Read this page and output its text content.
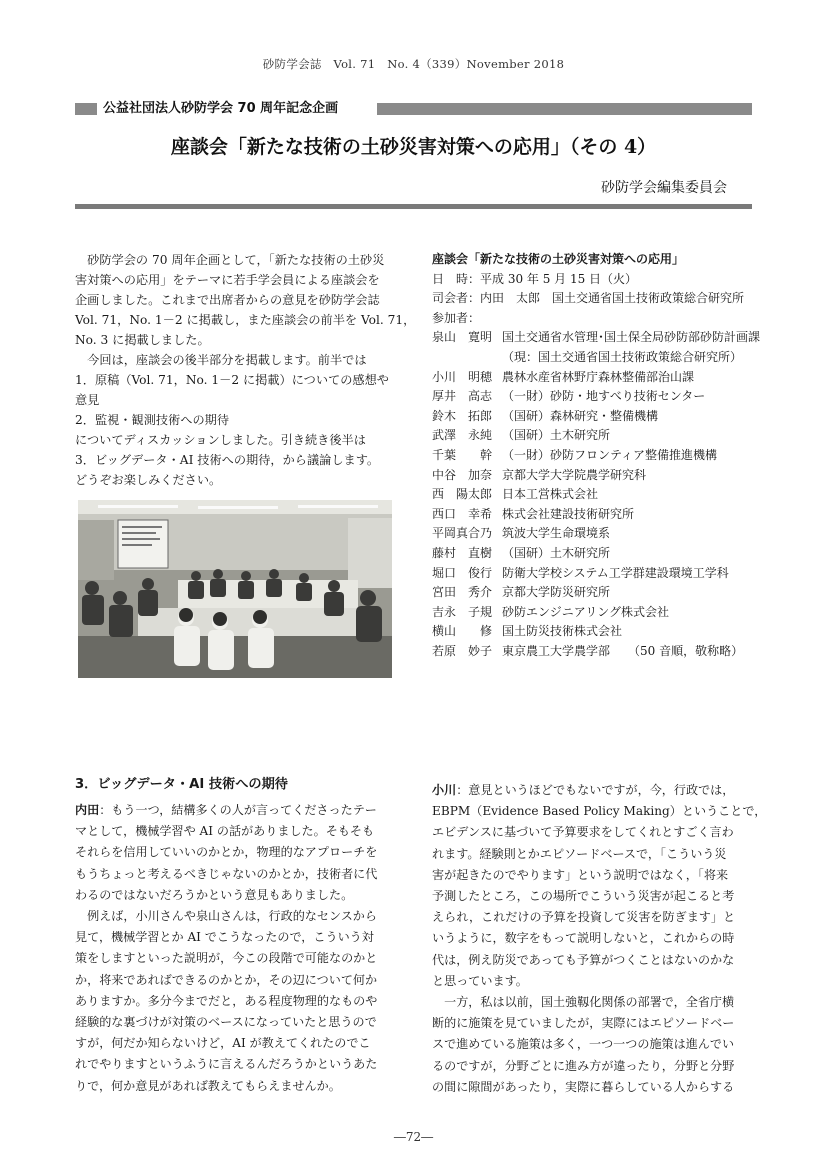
砂防学会誌　Vol. 71　No. 4（339）November 2018
公益社団法人砂防学会 70 周年記念企画
座談会「新たな技術の土砂災害対策への応用」（その 4）
砂防学会編集委員会

　砂防学会の 70 周年企画として，「新たな技術の土砂災

害対策への応用」をテーマに若手学会員による座談会を

企画しました。これまで出席者からの意見を砂防学会誌

Vol. 71，No. 1－2 に掲載し，また座談会の前半を Vol. 71，

No. 3 に掲載しました。

　今回は，座談会の後半部分を掲載します。前半では

1．原稿（Vol. 71，No. 1－2 に掲載）についての感想や

意見

2．監視・観測技術への期待

についてディスカッションしました。引き続き後半は

3．ビッグデータ・AI 技術への期待，から議論します。

どうぞお楽しみください。

座談会「新たな技術の土砂災害対策への応用」
日　時：平成 30 年 5 月 15 日（火）
司会者：内田　太郎　国土交通省国土技術政策総合研究所
参加者：
泉山　寛明 国土交通省水管理･国土保全局砂防部砂防計画課
（現：国土交通省国土技術政策総合研究所）
小川　明穂 農林水産省林野庁森林整備部治山課
厚井　高志 （一財）砂防・地すべり技術センター
鈴木　拓郎 （国研）森林研究・整備機構
武澤　永純 （国研）土木研究所
千葉　　幹 （一財）砂防フロンティア整備推進機構
中谷　加奈 京都大学大学院農学研究科
西　陽太郎 日本工営株式会社
西口　幸希 株式会社建設技術研究所
平岡真合乃 筑波大学生命環境系
藤村　直樹 （国研）土木研究所
堀口　俊行 防衛大学校システム工学群建設環境工学科
宮田　秀介 京都大学防災研究所
吉永　子規 砂防エンジニアリング株式会社
横山　　修 国土防災技術株式会社
若原　妙子 東京農工大学農学部　　（50 音順，敬称略）
3．ビッグデータ・AI 技術への期待

内田：もう一つ，結構多くの人が言ってくださったテー

マとして，機械学習や AI の話がありました。そもそも

それらを信用していいのかとか，物理的なアプローチを

もうちょっと考えるべきじゃないのかとか，技術者に代

わるのではないだろうかという意見もありました。

　例えば，小川さんや泉山さんは，行政的なセンスから

見て，機械学習とか AI でこうなったので，こういう対

策をしますといった説明が，今この段階で可能なのかと

か，将来であればできるのかとか，その辺について何か

ありますか。多分今までだと，ある程度物理的なものや

経験的な裏づけが対策のベースになっていたと思うので

すが，何だか知らないけど，AI が教えてくれたのでこ

れでやりますというふうに言えるんだろうかというあた

りで，何か意見があれば教えてもらえませんか。

小川：意見というほどでもないですが，今，行政では，

EBPM（Evidence Based Policy Making）ということで，

エビデンスに基づいて予算要求をしてくれとすごく言わ

れます。経験則とかエピソードベースで，「こういう災

害が起きたのでやります」という説明ではなく，「将来

予測したところ，この場所でこういう災害が起こると考

えられ，これだけの予算を投資して災害を防ぎます」と

いうように，数字をもって説明しないと，これからの時

代は，例え防災であっても予算がつくことはないのかな

と思っています。

　一方，私は以前，国土強靱化関係の部署で，全省庁横

断的に施策を見ていましたが，実際にはエピソードベー

スで進めている施策は多く，一つ一つの施策は進んでい

るのですが，分野ごとに進み方が違ったり，分野と分野

の間に隙間があったり，実際に暮らしている人からする

―72―
